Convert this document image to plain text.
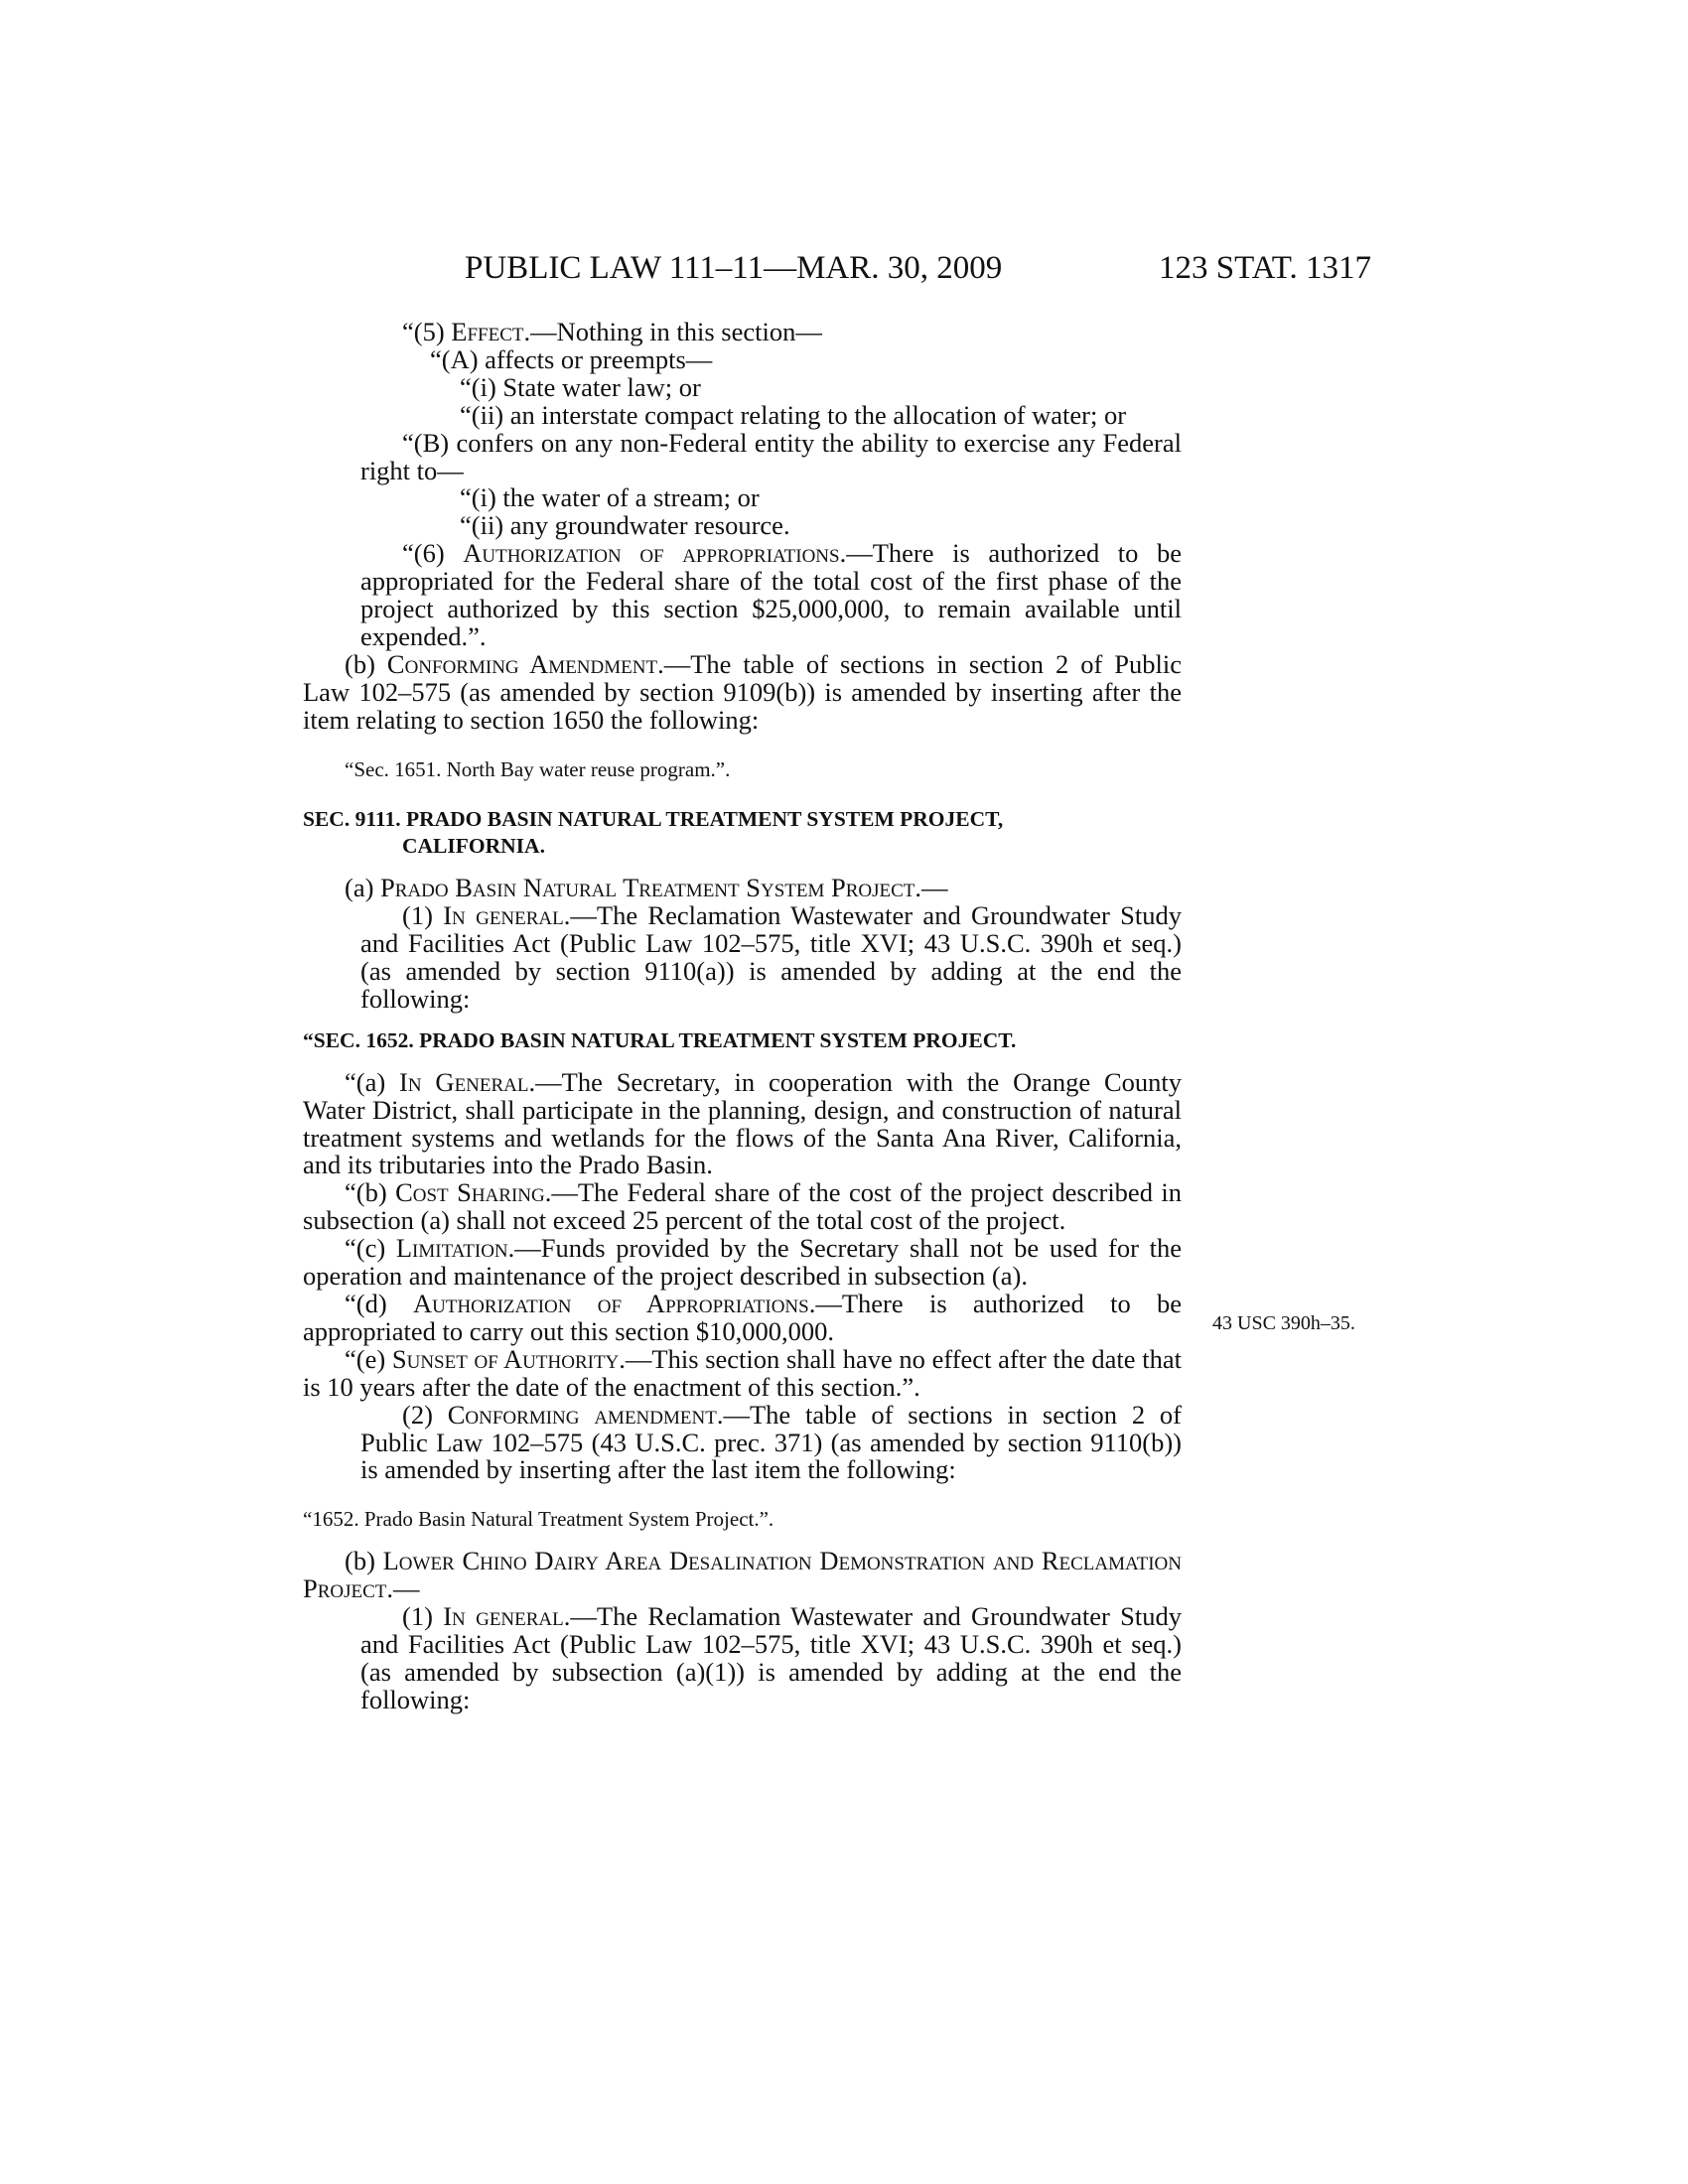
PUBLIC LAW 111–11—MAR. 30, 2009	123 STAT. 1317

“(5) Effect.—Nothing in this section—

“(A) affects or preempts—

“(i) State water law; or

“(ii) an interstate compact relating to the allocation of water; or

“(B) confers on any non-Federal entity the ability to exercise any Federal right to—

“(i) the water of a stream; or

“(ii) any groundwater resource.

“(6) Authorization of appropriations.—There is authorized to be appropriated for the Federal share of the total cost of the first phase of the project authorized by this section $25,000,000, to remain available until expended.”.

(b) Conforming Amendment.—The table of sections in section 2 of Public Law 102–575 (as amended by section 9109(b)) is amended by inserting after the item relating to section 1650 the following:

“Sec. 1651. North Bay water reuse program.”.

SEC. 9111. PRADO BASIN NATURAL TREATMENT SYSTEM PROJECT,

CALIFORNIA.

(a) Prado Basin Natural Treatment System Project.—

(1) In general.—The Reclamation Wastewater and Groundwater Study and Facilities Act (Public Law 102–575, title XVI; 43 U.S.C. 390h et seq.) (as amended by section 9110(a)) is amended by adding at the end the following:

“SEC. 1652. PRADO BASIN NATURAL TREATMENT SYSTEM PROJECT.

“(a) In General.—The Secretary, in cooperation with the Orange County Water District, shall participate in the planning, design, and construction of natural treatment systems and wetlands for the flows of the Santa Ana River, California, and its tributaries into the Prado Basin.

“(b) Cost Sharing.—The Federal share of the cost of the project described in subsection (a) shall not exceed 25 percent of the total cost of the project.

“(c) Limitation.—Funds provided by the Secretary shall not be used for the operation and maintenance of the project described in subsection (a).

“(d) Authorization of Appropriations.—There is authorized to be appropriated to carry out this section $10,000,000.

“(e) Sunset of Authority.—This section shall have no effect after the date that is 10 years after the date of the enactment of this section.”.

(2) Conforming amendment.—The table of sections in section 2 of Public Law 102–575 (43 U.S.C. prec. 371) (as amended by section 9110(b)) is amended by inserting after the last item the following:

“1652. Prado Basin Natural Treatment System Project.”.

(b) Lower Chino Dairy Area Desalination Demonstration and Reclamation Project.—

(1) In general.—The Reclamation Wastewater and Groundwater Study and Facilities Act (Public Law 102–575, title XVI; 43 U.S.C. 390h et seq.) (as amended by subsection (a)(1)) is amended by adding at the end the following:

43 USC 390h–35.
